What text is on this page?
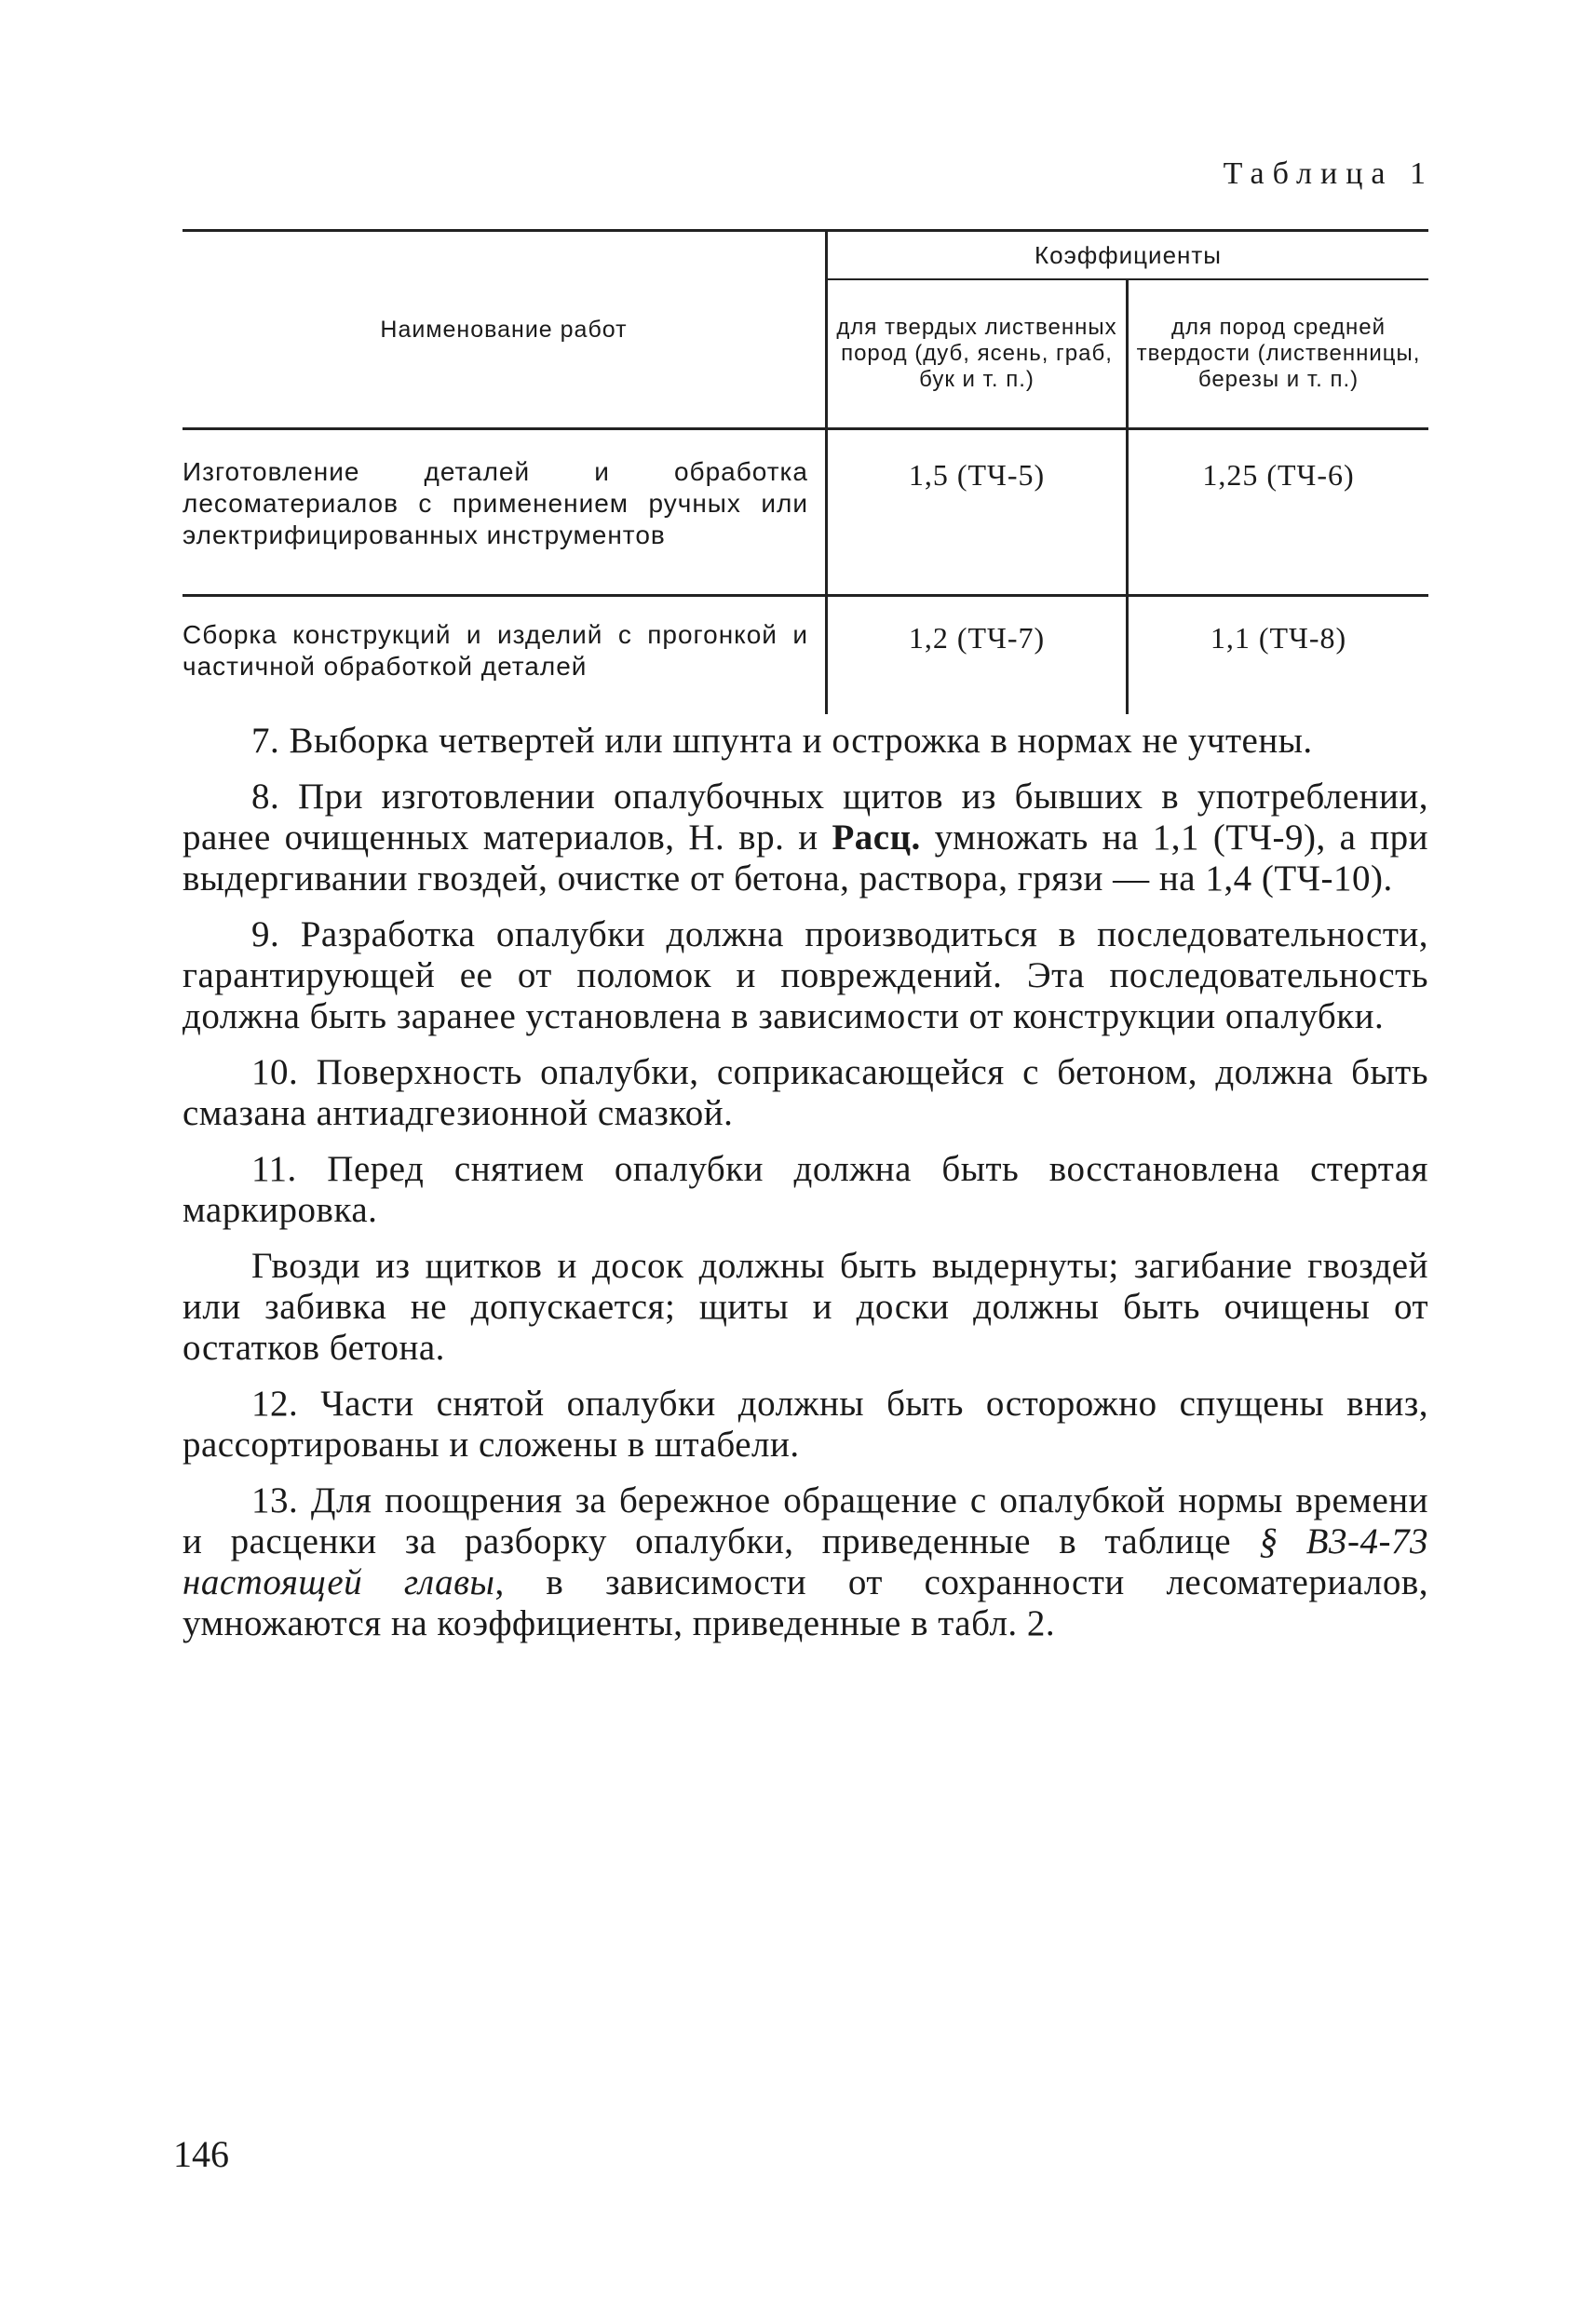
Таблица 1
Наименование работ	Коэффициенты	
	для твердых лиственных пород (дуб, ясень, граб, бук и т. п.)	для пород средней твердости (лиственницы, березы и т. п.)
Изготовление деталей и обработка лесоматериалов с применением ручных или электрифицированных инструментов	1,5 (ТЧ-5)	1,25 (ТЧ-6)
Сборка конструкций и изделий с прогонкой и частичной обработкой деталей	1,2 (ТЧ-7)	1,1 (ТЧ-8)

7. Выборка четвертей или шпунта и острожка в нормах не учтены.

8. При изготовлении опалубочных щитов из бывших в употреблении, ранее очищенных материалов, Н. вр. и Расц. умножать на 1,1 (ТЧ-9), а при выдергивании гвоздей, очистке от бетона, раствора, грязи — на 1,4 (ТЧ-10).

9. Разработка опалубки должна производиться в последовательности, гарантирующей ее от поломок и повреждений. Эта последовательность должна быть заранее установлена в зависимости от конструкции опалубки.

10. Поверхность опалубки, соприкасающейся с бетоном, должна быть смазана антиадгезионной смазкой.

11. Перед снятием опалубки должна быть восстановлена стертая маркировка.

Гвозди из щитков и досок должны быть выдернуты; загибание гвоздей или забивка не допускается; щиты и доски должны быть очищены от остатков бетона.

12. Части снятой опалубки должны быть осторожно спущены вниз, рассортированы и сложены в штабели.

13. Для поощрения за бережное обращение с опалубкой нормы времени и расценки за разборку опалубки, приведенные в таблице § В3-4-73 настоящей главы, в зависимости от сохранности лесоматериалов, умножаются на коэффициенты, приведенные в табл. 2.

146
